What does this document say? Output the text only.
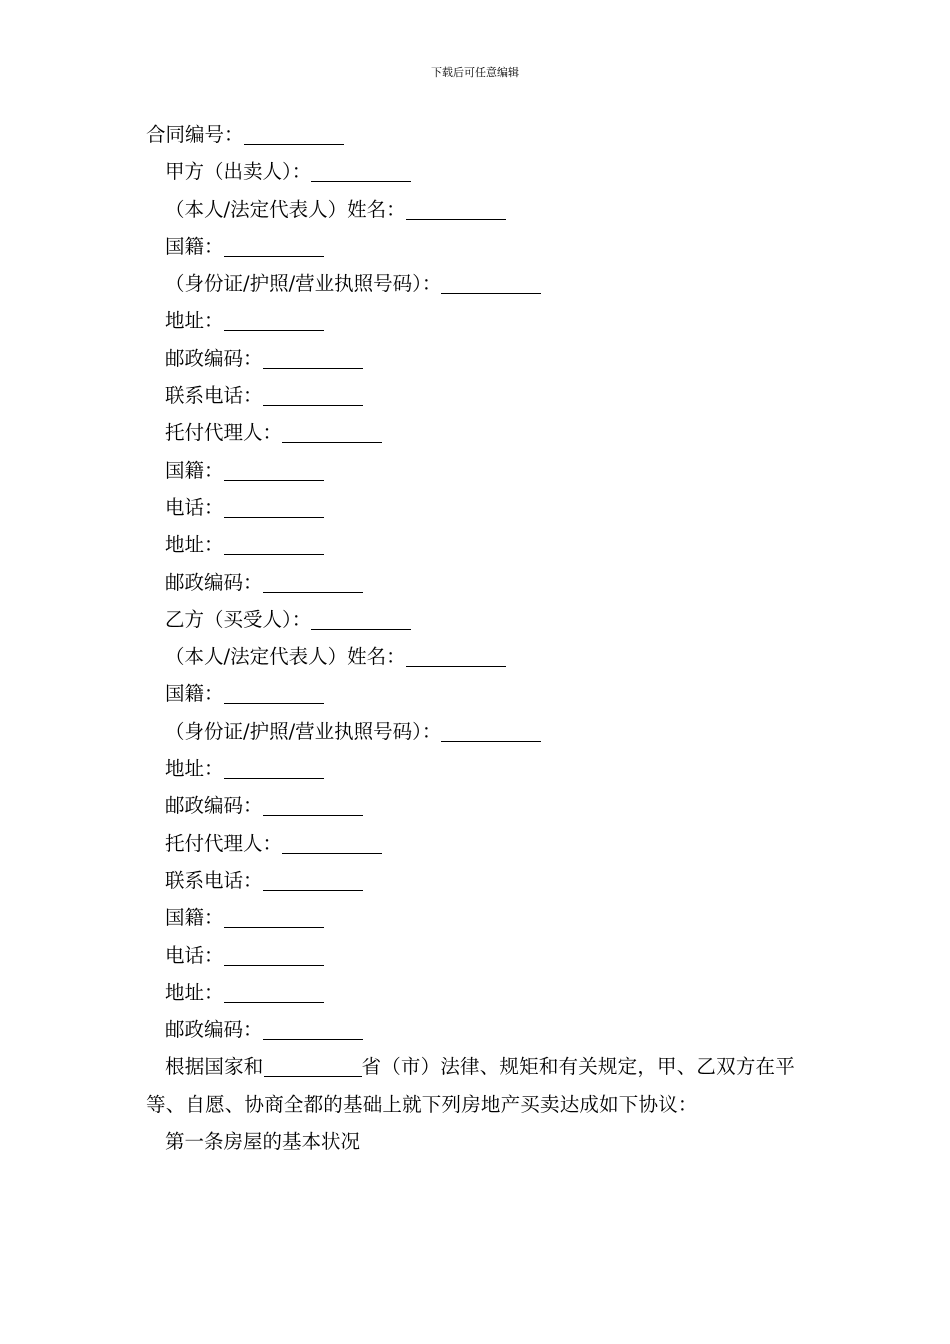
下载后可任意编辑
合同编号：
甲方（出卖人）：
（本人/法定代表人）姓名：
国籍：
（身份证/护照/营业执照号码）：
地址：
邮政编码：
联系电话：
托付代理人：
国籍：
电话：
地址：
邮政编码：
乙方（买受人）：
（本人/法定代表人）姓名：
国籍：
（身份证/护照/营业执照号码）：
地址：
邮政编码：
托付代理人：
联系电话：
国籍：
电话：
地址：
邮政编码：
根据国家和	省（市）法律、规矩和有关规定，甲、乙双方在平等、自愿、协商全都的基础上就下列房地产买卖达成如下协议：
第一条房屋的基本状况
